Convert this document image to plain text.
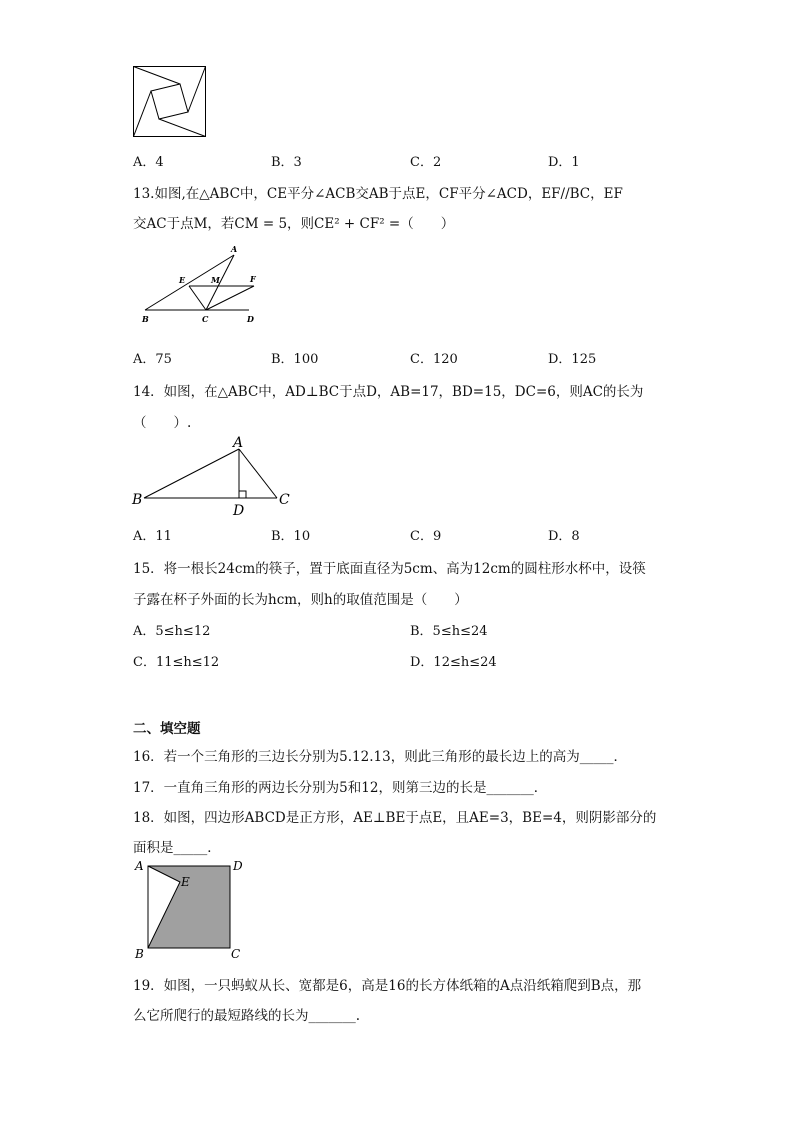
A．4	B．3	C．2	D．1
13.如图,在△ABC中，CE平分∠ACB交AB于点E，CF平分∠ACD，EF//BC，EF
交AC于点M，若CM = 5，则CE² + CF² =（　　）
A
E	M	F
B	C	D
A．75	B．100	C．120	D．125
14．如图，在△ABC中，AD⊥BC于点D，AB=17，BD=15，DC=6，则AC的长为
（　　）.
A
B	C
D
A．11	B．10	C．9	D．8
15．将一根长24cm的筷子，置于底面直径为5cm、高为12cm的圆柱形水杯中，设筷
子露在杯子外面的长为hcm，则h的取值范围是（　　）
A．5≤h≤12	B．5≤h≤24
C．11≤h≤12	D．12≤h≤24
二、填空题
16．若一个三角形的三边长分别为5.12.13，则此三角形的最长边上的高为_____．
17．一直角三角形的两边长分别为5和12，则第三边的长是_______．
18．如图，四边形ABCD是正方形，AE⊥BE于点E，且AE=3，BE=4，则阴影部分的
面积是_____．
A	D
E
B	C
19．如图，一只蚂蚁从长、宽都是6，高是16的长方体纸箱的A点沿纸箱爬到B点，那
么它所爬行的最短路线的长为_______.
